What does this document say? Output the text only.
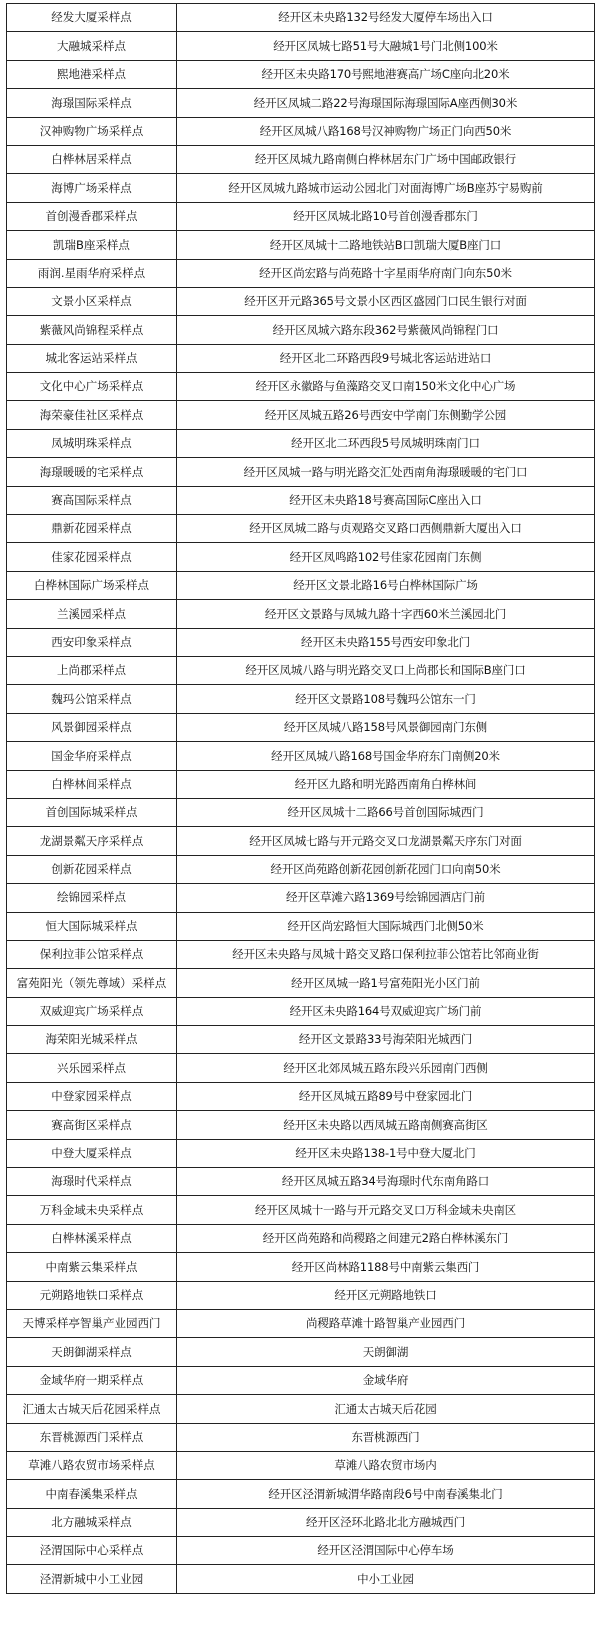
经发大厦采样点	经开区未央路132号经发大厦停车场出入口
大融城采样点	经开区凤城七路51号大融城1号门北侧100米
熙地港采样点	经开区未央路170号熙地港赛高广场C座向北20米
海璟国际采样点	经开区凤城二路22号海璟国际海璟国际A座西侧30米
汉神购物广场采样点	经开区凤城八路168号汉神购物广场正门向西50米
白桦林居采样点	经开区凤城九路南侧白桦林居东门广场中国邮政银行
海博广场采样点	经开区凤城九路城市运动公园北门对面海博广场B座苏宁易购前
首创漫香郡采样点	经开区凤城北路10号首创漫香郡东门
凯瑞B座采样点	经开区凤城十二路地铁站B口凯瑞大厦B座门口
雨润.星雨华府采样点	经开区尚宏路与尚苑路十字星雨华府南门向东50米
文景小区采样点	经开区开元路365号文景小区西区盛园门口民生银行对面
紫薇风尚锦程采样点	经开区凤城六路东段362号紫薇风尚锦程门口
城北客运站采样点	经开区北二环路西段9号城北客运站进站口
文化中心广场采样点	经开区永徽路与鱼藻路交叉口南150米文化中心广场
海荣豪佳社区采样点	经开区凤城五路26号西安中学南门东侧勤学公园
凤城明珠采样点	经开区北二环西段5号凤城明珠南门口
海璟暖暖的宅采样点	经开区凤城一路与明光路交汇处西南角海璟暖暖的宅门口
赛高国际采样点	经开区未央路18号赛高国际C座出入口
鼎新花园采样点	经开区凤城二路与贞观路交叉路口西侧鼎新大厦出入口
佳家花园采样点	经开区凤鸣路102号佳家花园南门东侧
白桦林国际广场采样点	经开区文景北路16号白桦林国际广场
兰溪园采样点	经开区文景路与凤城九路十字西60米兰溪园北门
西安印象采样点	经开区未央路155号西安印象北门
上尚郡采样点	经开区凤城八路与明光路交叉口上尚郡长和国际B座门口
魏玛公馆采样点	经开区文景路108号魏玛公馆东一门
风景御园采样点	经开区凤城八路158号风景御园南门东侧
国金华府采样点	经开区凤城八路168号国金华府东门南侧20米
白桦林间采样点	经开区九路和明光路西南角白桦林间
首创国际城采样点	经开区凤城十二路66号首创国际城西门
龙湖景粼天序采样点	经开区凤城七路与开元路交叉口龙湖景粼天序东门对面
创新花园采样点	经开区尚苑路创新花园创新花园门口向南50米
绘锦园采样点	经开区草滩六路1369号绘锦园酒店门前
恒大国际城采样点	经开区尚宏路恒大国际城西门北侧50米
保利拉菲公馆采样点	经开区未央路与凤城十路交叉路口保利拉菲公馆若比邻商业街
富苑阳光（领先尊域）采样点	经开区凤城一路1号富苑阳光小区门前
双威迎宾广场采样点	经开区未央路164号双威迎宾广场门前
海荣阳光城采样点	经开区文景路33号海荣阳光城西门
兴乐园采样点	经开区北郊凤城五路东段兴乐园南门西侧
中登家园采样点	经开区凤城五路89号中登家园北门
赛高街区采样点	经开区未央路以西凤城五路南侧赛高街区
中登大厦采样点	经开区未央路138-1号中登大厦北门
海璟时代采样点	经开区凤城五路34号海璟时代东南角路口
万科金域未央采样点	经开区凤城十一路与开元路交叉口万科金域未央南区
白桦林溪采样点	经开区尚苑路和尚稷路之间建元2路白桦林溪东门
中南紫云集采样点	经开区尚林路1188号中南紫云集西门
元朔路地铁口采样点	经开区元朔路地铁口
天博采样亭智巢产业园西门	尚稷路草滩十路智巢产业园西门
天朗御湖采样点	天朗御湖
金域华府一期采样点	金域华府
汇通太古城天后花园采样点	汇通太古城天后花园
东晋桃源西门采样点	东晋桃源西门
草滩八路农贸市场采样点	草滩八路农贸市场内
中南春溪集采样点	经开区泾渭新城渭华路南段6号中南春溪集北门
北方融城采样点	经开区泾环北路北北方融城西门
泾渭国际中心采样点	经开区泾渭国际中心停车场
泾渭新城中小工业园	中小工业园
